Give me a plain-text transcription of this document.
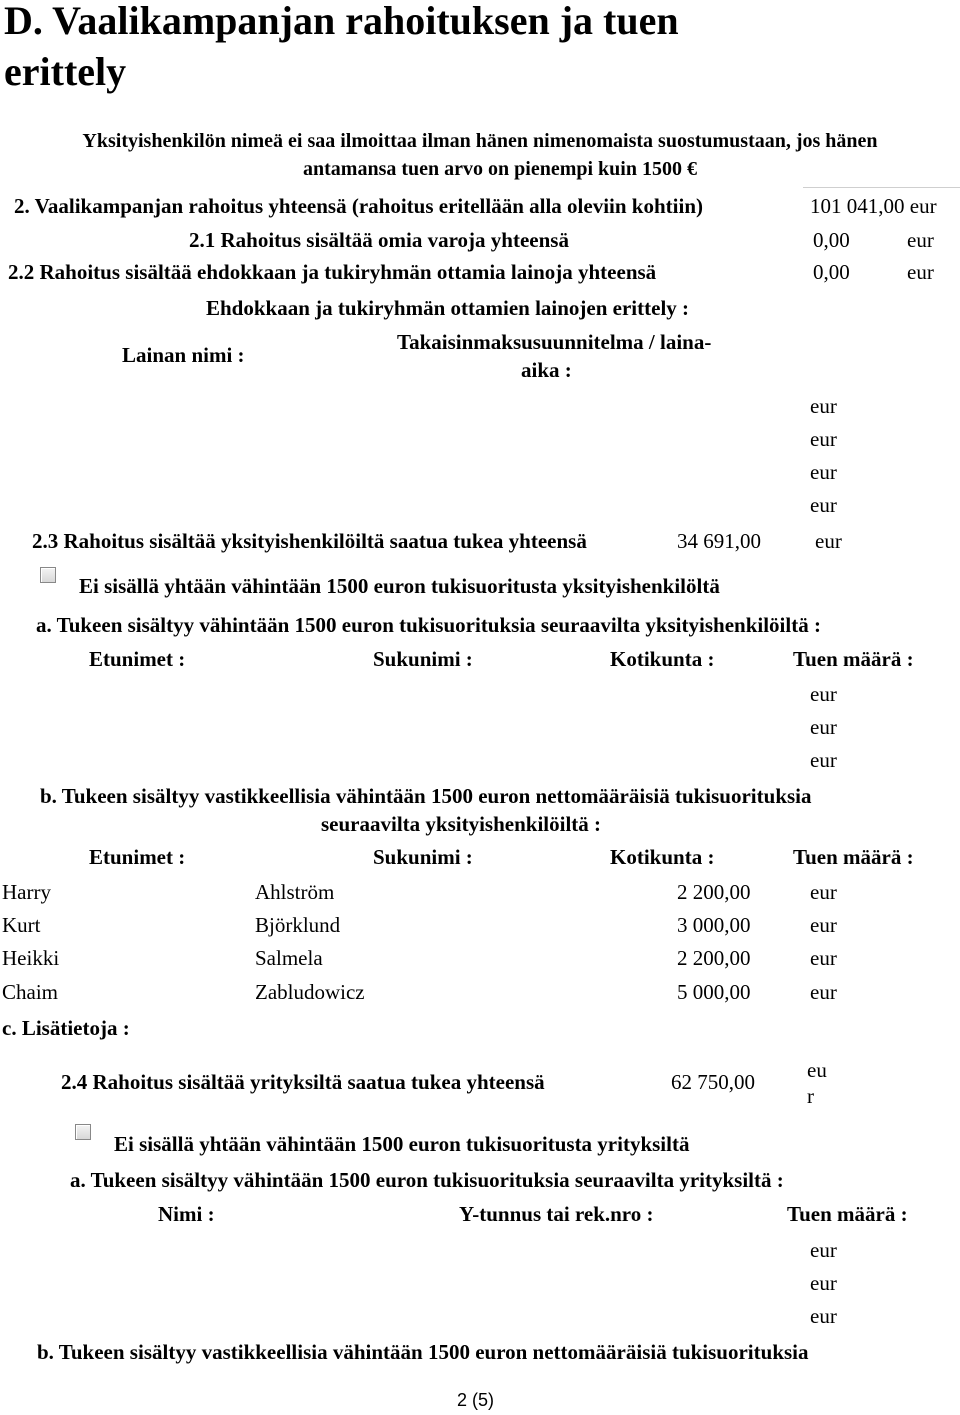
D. Vaalikampanjan rahoituksen ja tuen
erittely
Yksityishenkilön nimeä ei saa ilmoittaa ilman hänen nimenomaista suostumustaan, jos hänen
antamansa tuen arvo on pienempi kuin 1500 €
2. Vaalikampanjan rahoitus yhteensä (rahoitus eritellään alla oleviin kohtiin)	101 041,00 eur
2.1 Rahoitus sisältää omia varoja yhteensä	0,00	eur
2.2 Rahoitus sisältää ehdokkaan ja tukiryhmän ottamia lainoja yhteensä	0,00	eur
Ehdokkaan ja tukiryhmän ottamien lainojen erittely :
Lainan nimi :
Takaisinmaksusuunnitelma / laina-
aika :
eur
eur
eur
eur
2.3 Rahoitus sisältää yksityishenkilöiltä saatua tukea yhteensä	34 691,00	eur
Ei sisällä yhtään vähintään 1500 euron tukisuoritusta yksityishenkilöltä
a. Tukeen sisältyy vähintään 1500 euron tukisuorituksia seuraavilta yksityishenkilöiltä :
Etunimet :	Sukunimi :	Kotikunta :	Tuen määrä :
eur
eur
eur
b. Tukeen sisältyy vastikkeellisia vähintään 1500 euron nettomääräisiä tukisuorituksia
seuraavilta yksityishenkilöiltä :
Etunimet :	Sukunimi :	Kotikunta :	Tuen määrä :
Harry	Ahlström	2 200,00	eur
Kurt	Björklund	3 000,00	eur
Heikki	Salmela	2 200,00	eur
Chaim	Zabludowicz	5 000,00	eur
c. Lisätietoja :
2.4 Rahoitus sisältää yrityksiltä saatua tukea yhteensä	62 750,00 eu
r
Ei sisällä yhtään vähintään 1500 euron tukisuoritusta yrityksiltä
a. Tukeen sisältyy vähintään 1500 euron tukisuorituksia seuraavilta yrityksiltä :
Nimi :	Y-tunnus tai rek.nro :	Tuen määrä :
eur
eur
eur
b. Tukeen sisältyy vastikkeellisia vähintään 1500 euron nettomääräisiä tukisuorituksia
2 (5)
